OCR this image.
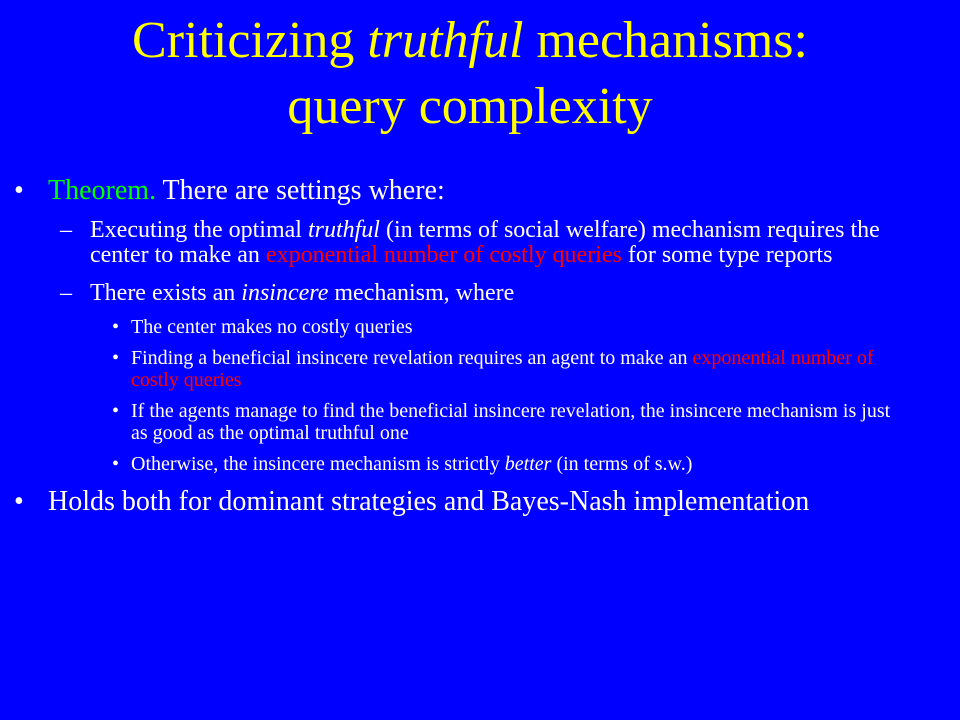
Criticizing truthful mechanisms:
query complexity
• Theorem. There are settings where:
– Executing the optimal truthful (in terms of social welfare) mechanism requires the center to make an exponential number of costly queries for some type reports
– There exists an insincere mechanism, where
• The center makes no costly queries
• Finding a beneficial insincere revelation requires an agent to make an exponential number of costly queries
• If the agents manage to find the beneficial insincere revelation, the insincere mechanism is just as good as the optimal truthful one
• Otherwise, the insincere mechanism is strictly better (in terms of s.w.)
• Holds both for dominant strategies and Bayes-Nash implementation
